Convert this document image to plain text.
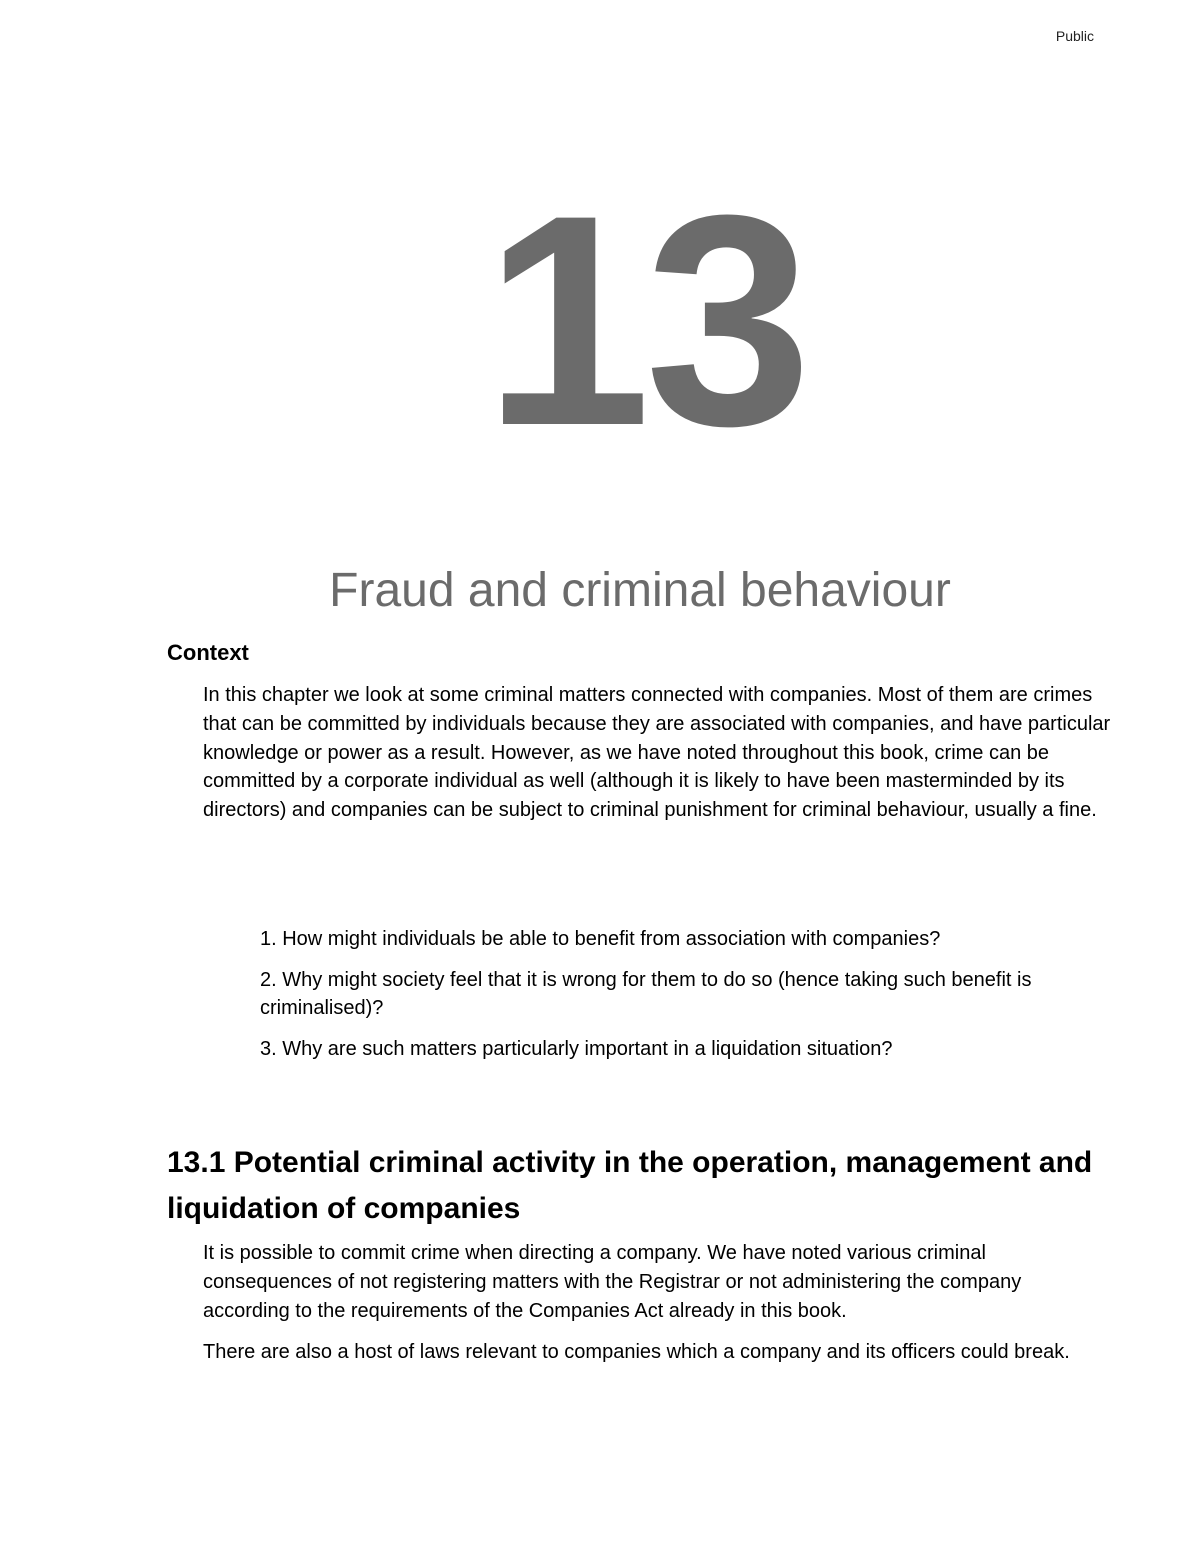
Public
13
Fraud and criminal behaviour
Context

In this chapter we look at some criminal matters connected with companies. Most of them are crimes that can be committed by individuals because they are associated with companies, and have particular knowledge or power as a result. However, as we have noted throughout this book, crime can be committed by a corporate individual as well (although it is likely to have been masterminded by its directors) and companies can be subject to criminal punishment for criminal behaviour, usually a fine.

1. How might individuals be able to benefit from association with companies?
2. Why might society feel that it is wrong for them to do so (hence taking such benefit is criminalised)?
3. Why are such matters particularly important in a liquidation situation?
13.1 Potential criminal activity in the operation, management and liquidation of companies

It is possible to commit crime when directing a company. We have noted various criminal consequences of not registering matters with the Registrar or not administering the company according to the requirements of the Companies Act already in this book.

There are also a host of laws relevant to companies which a company and its officers could break.
